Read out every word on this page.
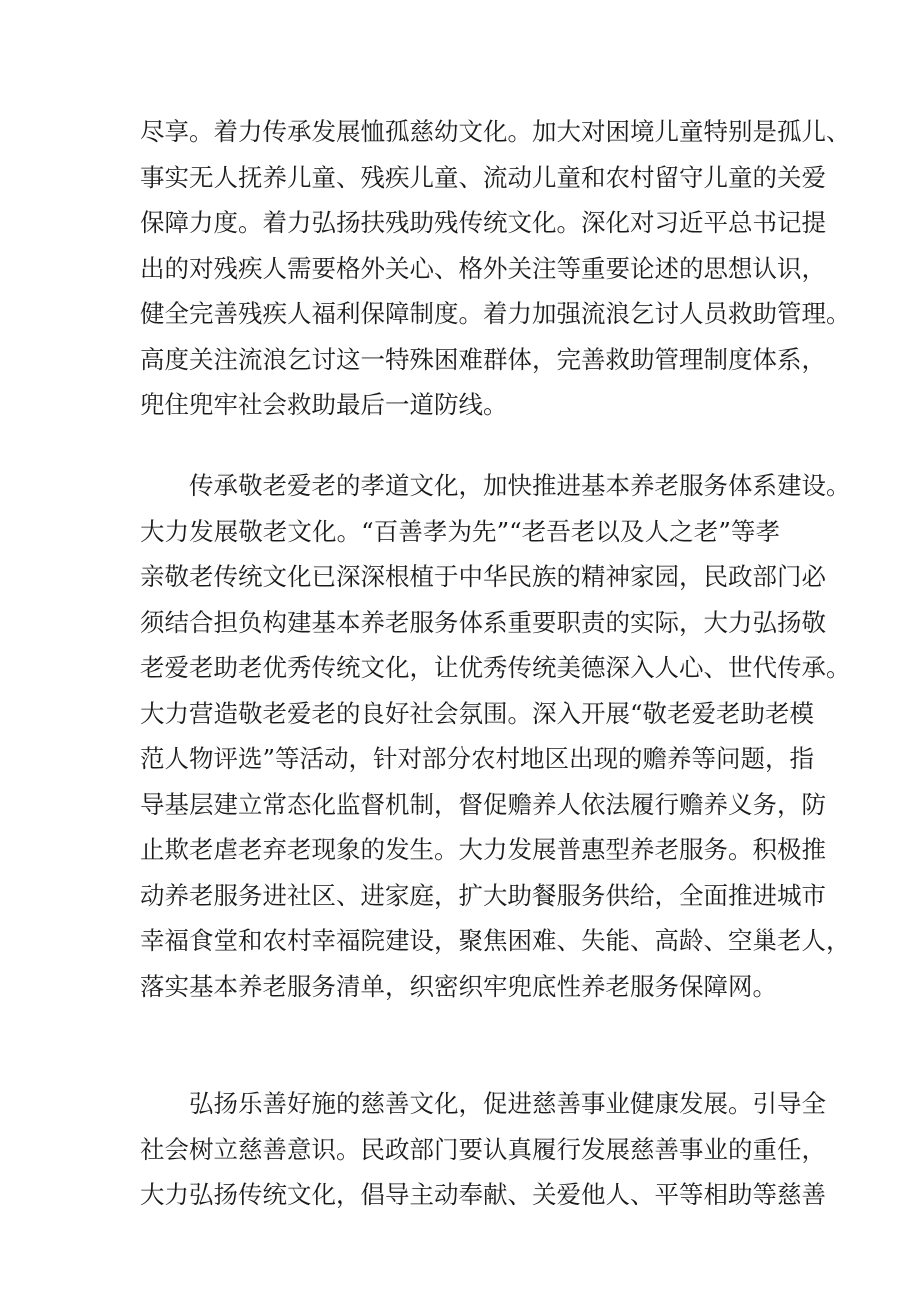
尽享。着力传承发展恤孤慈幼文化。加大对困境儿童特别是孤儿、
事实无人抚养儿童、残疾儿童、流动儿童和农村留守儿童的关爱
保障力度。着力弘扬扶残助残传统文化。深化对习近平总书记提
出的对残疾人需要格外关心、格外关注等重要论述的思想认识，
健全完善残疾人福利保障制度。着力加强流浪乞讨人员救助管理。
高度关注流浪乞讨这一特殊困难群体，完善救助管理制度体系，
兜住兜牢社会救助最后一道防线。
传承敬老爱老的孝道文化，加快推进基本养老服务体系建设。
大力发展敬老文化。“百善孝为先”“老吾老以及人之老”等孝
亲敬老传统文化已深深根植于中华民族的精神家园，民政部门必
须结合担负构建基本养老服务体系重要职责的实际，大力弘扬敬
老爱老助老优秀传统文化，让优秀传统美德深入人心、世代传承。
大力营造敬老爱老的良好社会氛围。深入开展“敬老爱老助老模
范人物评选”等活动，针对部分农村地区出现的赡养等问题，指
导基层建立常态化监督机制，督促赡养人依法履行赡养义务，防
止欺老虐老弃老现象的发生。大力发展普惠型养老服务。积极推
动养老服务进社区、进家庭，扩大助餐服务供给，全面推进城市
幸福食堂和农村幸福院建设，聚焦困难、失能、高龄、空巢老人，
落实基本养老服务清单，织密织牢兜底性养老服务保障网。
弘扬乐善好施的慈善文化，促进慈善事业健康发展。引导全
社会树立慈善意识。民政部门要认真履行发展慈善事业的重任，
大力弘扬传统文化，倡导主动奉献、关爱他人、平等相助等慈善
